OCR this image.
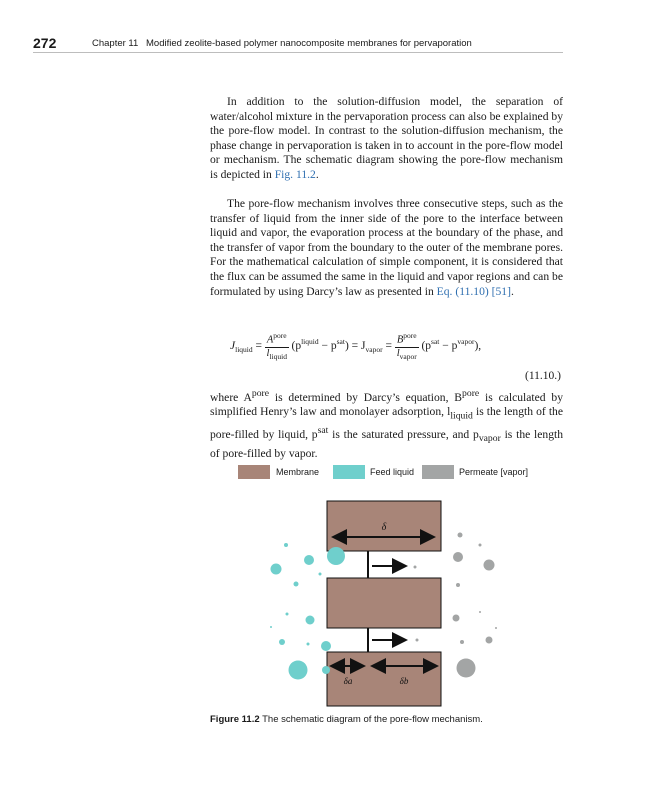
272	Chapter 11 Modified zeolite-based polymer nanocomposite membranes for pervaporation

In addition to the solution-diffusion model, the separation of water/alcohol mixture in the pervaporation process can also be explained by the pore-flow model. In contrast to the solution-diffusion mechanism, the phase change in pervaporation is taken in to account in the pore-flow model or mechanism. The schematic diagram showing the pore-flow mechanism is depicted in Fig. 11.2.

The pore-flow mechanism involves three consecutive steps, such as the transfer of liquid from the inner side of the pore to the interface between liquid and vapor, the evaporation process at the boundary of the phase, and the transfer of vapor from the boundary to the outer of the membrane pores. For the mathematical calculation of simple component, it is considered that the flux can be assumed the same in the liquid and vapor regions and can be formulated by using Darcy’s law as presented in Eq. (11.10) [51].

$J_{liquid} = \frac{A^{pore}}{l_{liquid}} (p^{liquid} - p^{sat}) = J_{vapor} = \frac{B^{pore}}{l_{vapor}} (p^{sat} - p^{vapor})$,
(11.10.)

where $A^{pore}$ is determined by Darcy’s equation, $B^{pore}$ is calculated by simplified Henry’s law and monolayer adsorption, $l_{liquid}$ is the length of the pore-filled by liquid, $p^{sat}$ is the saturated pressure, and $p_{vapor}$ is the length of pore-filled by vapor.

Membrane	Feed liquid	Permeate [vapor]
δ
δa	δb
Figure 11.2 The schematic diagram of the pore-flow mechanism.
